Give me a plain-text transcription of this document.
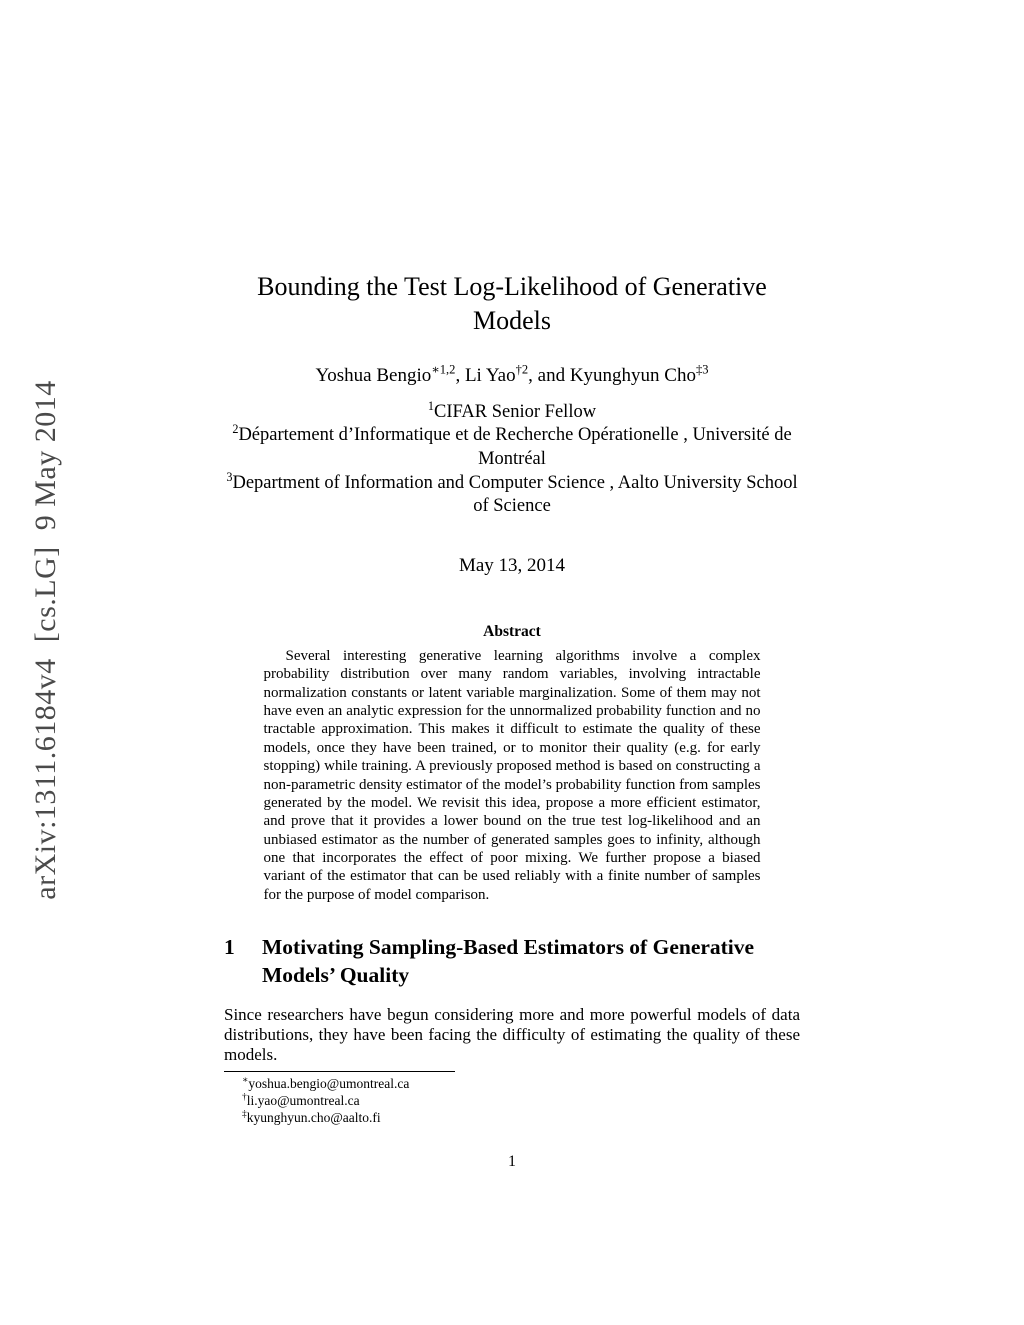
arXiv:1311.6184v4  [cs.LG]  9 May 2014
Bounding the Test Log-Likelihood of Generative Models
Yoshua Bengio$^{∗1,2}$, Li Yao$^{\dagger 2}$, and Kyunghyun Cho$^{\ddagger 3}$
$^1$CIFAR Senior Fellow
$^2$Département d’Informatique et de Recherche Opérationelle , Université de Montréal
$^3$Department of Information and Computer Science , Aalto University School of Science
May 13, 2014
Abstract

Several interesting generative learning algorithms involve a complex probability distribution over many random variables, involving intractable normalization constants or latent variable marginalization. Some of them may not have even an analytic expression for the unnormalized probability function and no tractable approximation. This makes it difficult to estimate the quality of these models, once they have been trained, or to monitor their quality (e.g. for early stopping) while training. A previously proposed method is based on constructing a non-parametric density estimator of the model’s probability function from samples generated by the model. We revisit this idea, propose a more efficient estimator, and prove that it provides a lower bound on the true test log-likelihood and an unbiased estimator as the number of generated samples goes to infinity, although one that incorporates the effect of poor mixing. We further propose a biased variant of the estimator that can be used reliably with a finite number of samples for the purpose of model comparison.

1	Motivating Sampling-Based Estimators of Generative Models’ Quality

Since researchers have begun considering more and more powerful models of data distributions, they have been facing the difficulty of estimating the quality of these models.

∗yoshua.bengio@umontreal.ca
†li.yao@umontreal.ca
‡kyunghyun.cho@aalto.fi
1
